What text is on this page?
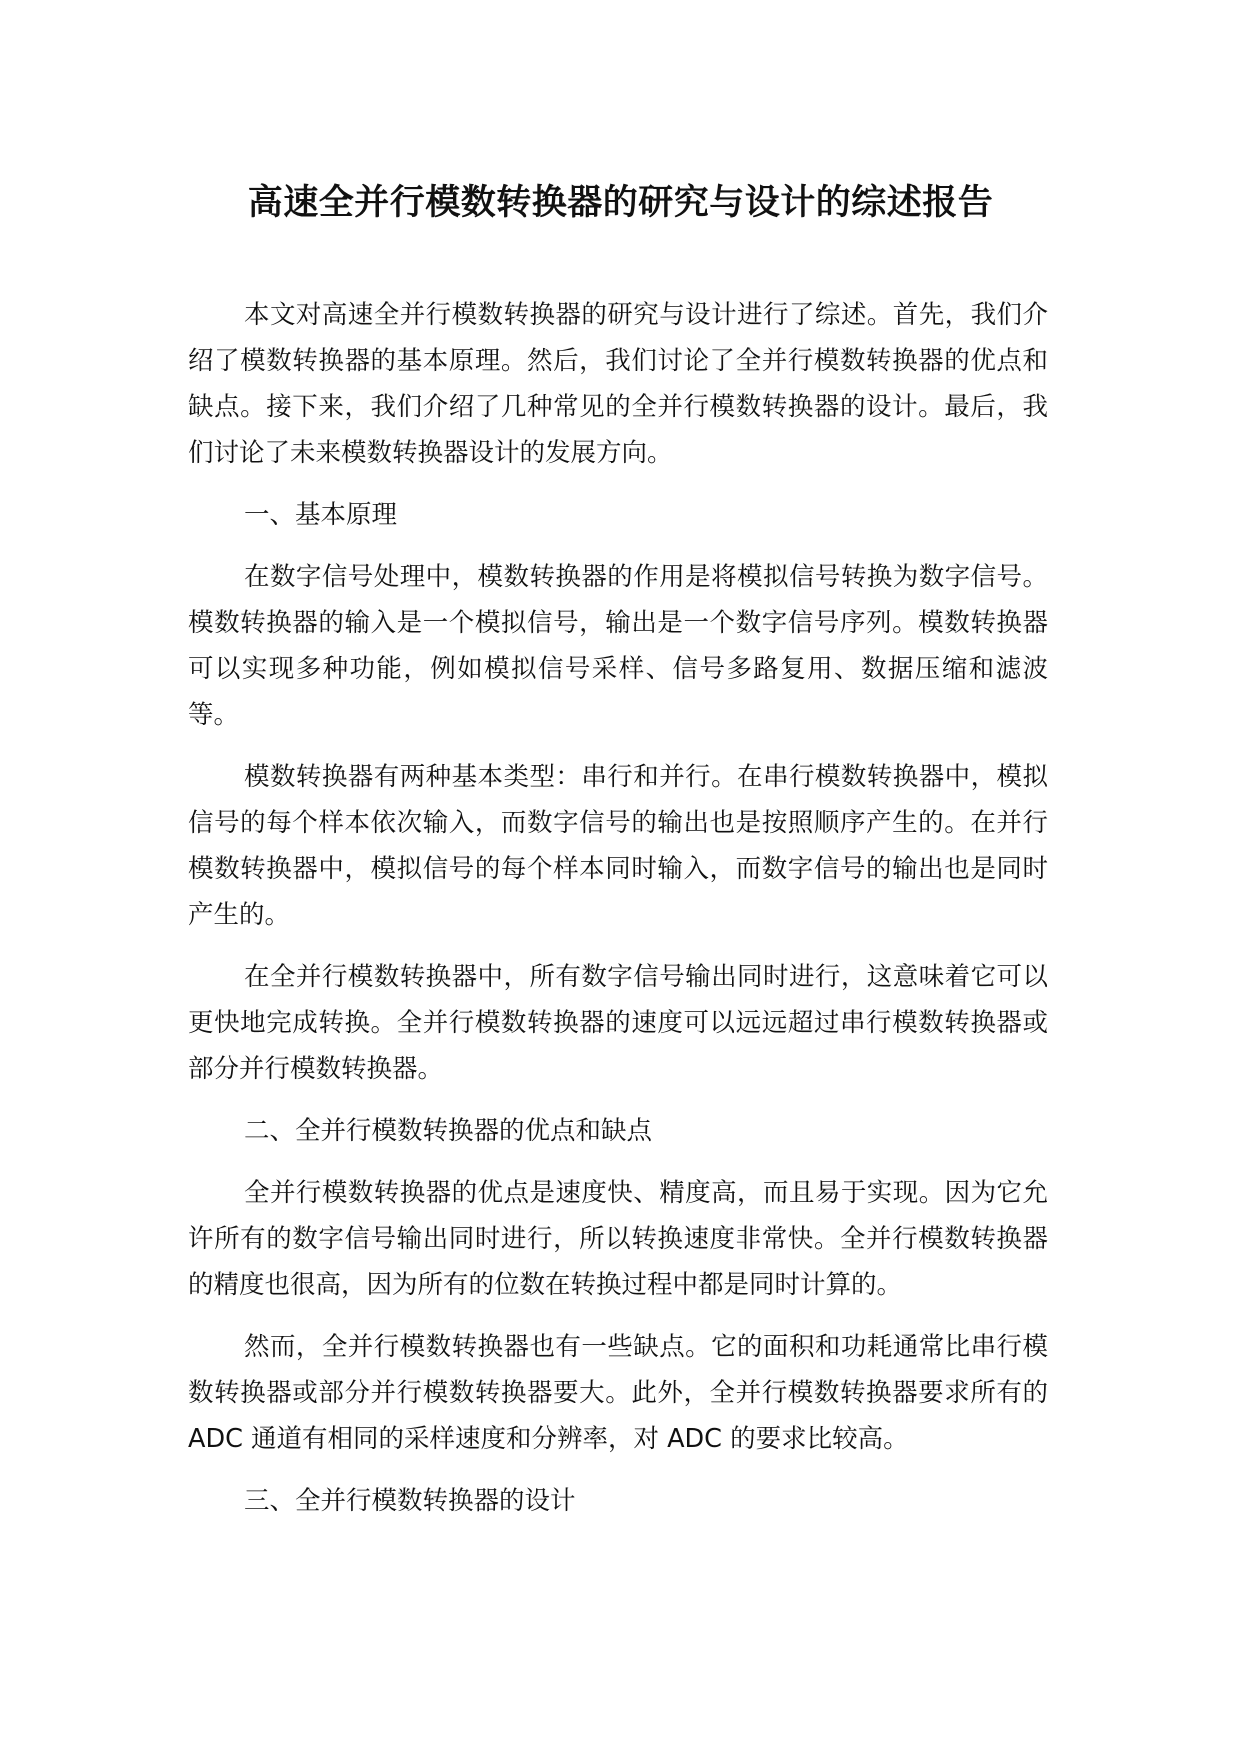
高速全并行模数转换器的研究与设计的综述报告

本文对高速全并行模数转换器的研究与设计进行了综述。首先，我们介绍了模数转换器的基本原理。然后，我们讨论了全并行模数转换器的优点和缺点。接下来，我们介绍了几种常见的全并行模数转换器的设计。最后，我们讨论了未来模数转换器设计的发展方向。

一、基本原理

在数字信号处理中，模数转换器的作用是将模拟信号转换为数字信号。模数转换器的输入是一个模拟信号，输出是一个数字信号序列。模数转换器可以实现多种功能，例如模拟信号采样、信号多路复用、数据压缩和滤波等。

模数转换器有两种基本类型：串行和并行。在串行模数转换器中，模拟信号的每个样本依次输入，而数字信号的输出也是按照顺序产生的。在并行模数转换器中，模拟信号的每个样本同时输入，而数字信号的输出也是同时产生的。

在全并行模数转换器中，所有数字信号输出同时进行，这意味着它可以更快地完成转换。全并行模数转换器的速度可以远远超过串行模数转换器或部分并行模数转换器。

二、全并行模数转换器的优点和缺点

全并行模数转换器的优点是速度快、精度高，而且易于实现。因为它允许所有的数字信号输出同时进行，所以转换速度非常快。全并行模数转换器的精度也很高，因为所有的位数在转换过程中都是同时计算的。

然而，全并行模数转换器也有一些缺点。它的面积和功耗通常比串行模数转换器或部分并行模数转换器要大。此外，全并行模数转换器要求所有的 ADC 通道有相同的采样速度和分辨率，对 ADC 的要求比较高。

三、全并行模数转换器的设计
